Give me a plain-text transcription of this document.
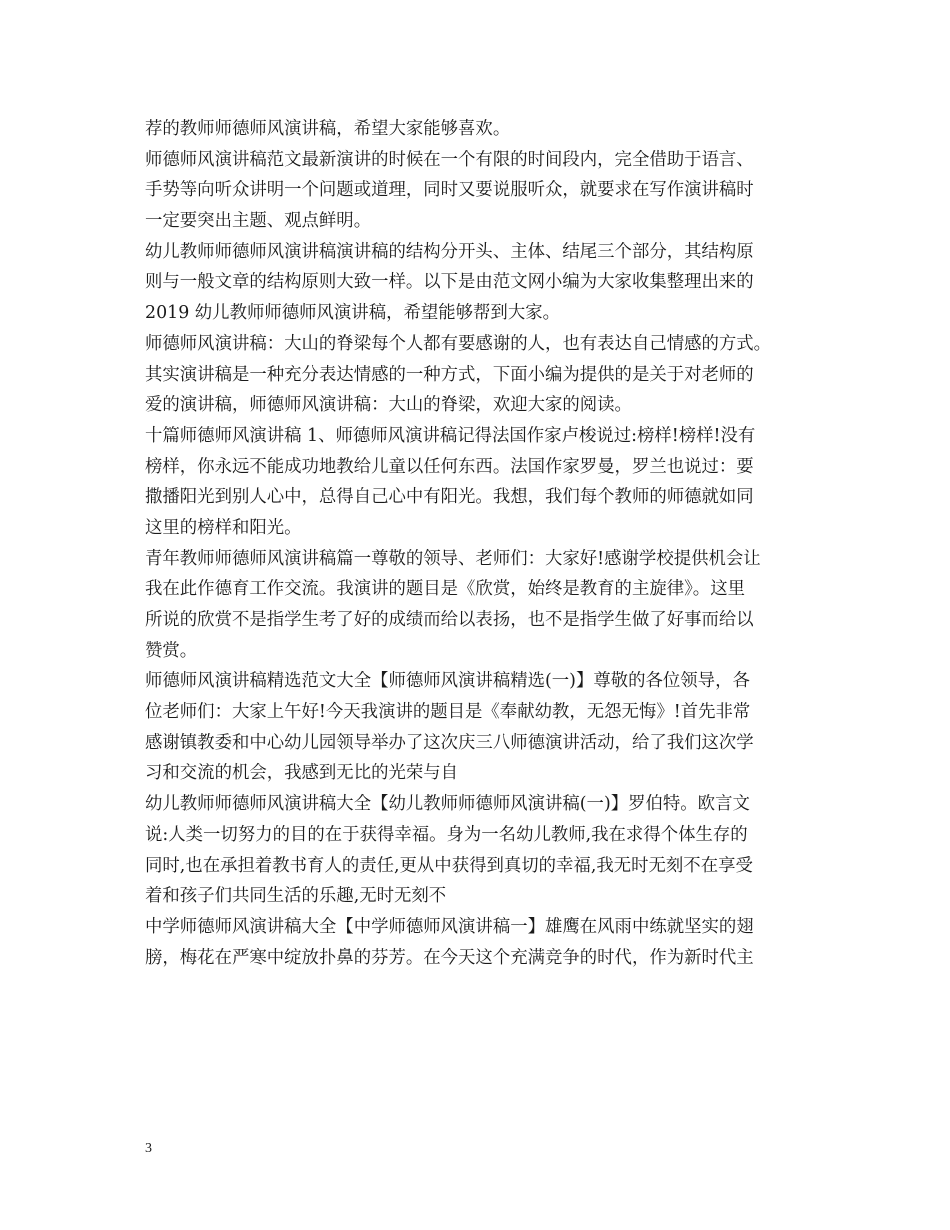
荐的教师师德师风演讲稿，希望大家能够喜欢。
师德师风演讲稿范文最新演讲的时候在一个有限的时间段内，完全借助于语言、
手势等向听众讲明一个问题或道理，同时又要说服听众，就要求在写作演讲稿时
一定要突出主题、观点鲜明。
幼儿教师师德师风演讲稿演讲稿的结构分开头、主体、结尾三个部分，其结构原
则与一般文章的结构原则大致一样。以下是由范文网小编为大家收集整理出来的
2019 幼儿教师师德师风演讲稿，希望能够帮到大家。
师德师风演讲稿：大山的脊梁每个人都有要感谢的人，也有表达自己情感的方式。
其实演讲稿是一种充分表达情感的一种方式，下面小编为提供的是关于对老师的
爱的演讲稿，师德师风演讲稿：大山的脊梁，欢迎大家的阅读。
十篇师德师风演讲稿 1、师德师风演讲稿记得法国作家卢梭说过:榜样!榜样!没有
榜样，你永远不能成功地教给儿童以任何东西。法国作家罗曼，罗兰也说过：要
撒播阳光到别人心中，总得自己心中有阳光。我想，我们每个教师的师德就如同
这里的榜样和阳光。
青年教师师德师风演讲稿篇一尊敬的领导、老师们：大家好!感谢学校提供机会让
我在此作德育工作交流。我演讲的题目是《欣赏，始终是教育的主旋律》。这里
所说的欣赏不是指学生考了好的成绩而给以表扬，也不是指学生做了好事而给以
赞赏。
师德师风演讲稿精选范文大全【师德师风演讲稿精选(一)】尊敬的各位领导，各
位老师们：大家上午好!今天我演讲的题目是《奉献幼教，无怨无悔》!首先非常
感谢镇教委和中心幼儿园领导举办了这次庆三八师德演讲活动，给了我们这次学
习和交流的机会，我感到无比的光荣与自
幼儿教师师德师风演讲稿大全【幼儿教师师德师风演讲稿(一)】罗伯特。欧言文
说:人类一切努力的目的在于获得幸福。身为一名幼儿教师,我在求得个体生存的
同时,也在承担着教书育人的责任,更从中获得到真切的幸福,我无时无刻不在享受
着和孩子们共同生活的乐趣,无时无刻不
中学师德师风演讲稿大全【中学师德师风演讲稿一】雄鹰在风雨中练就坚实的翅
膀，梅花在严寒中绽放扑鼻的芬芳。在今天这个充满竞争的时代，作为新时代主
3
